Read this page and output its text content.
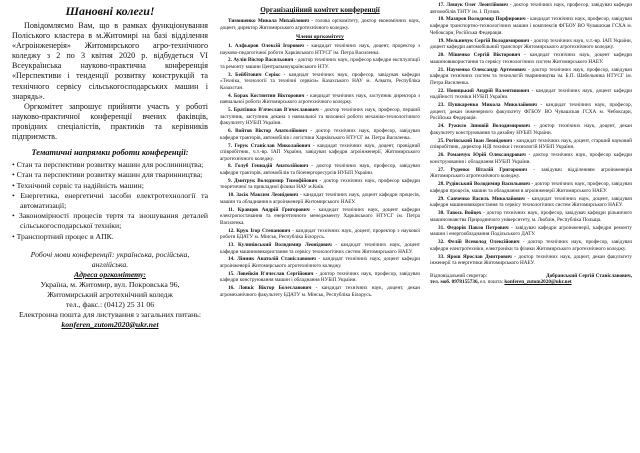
Шановні колеги!

Повідомляємо Вам, що в рамках функціонування Поліського кластера в м.Житомирі на базі відділення «Агроінженерія» Житомирського агро-технічного коледжу з 2 по 3 квітня 2020 р. відбудеться VI Всеукраїнська науково-практична конференція «Перспективи і тенденції розвитку конструкцій та технічного сервісу сільськогосподарських машин і знарядь».

Оргкомітет запрошує прийняти участь у роботі науково-практичної конференції вчених факівців, провідних спеціалістів, практиків та керівників підприємств.

Тематичні напрямки роботи конференції:

• Стан та перспективи розвитку машин для рослинництва;

• Стан та перспективи розвитку машин для тваринництва;

• Технічний сервіс та надійність машин;

• Енергетика, енергетичні засоби електротехнології та автоматизації;

• Закономірності процесів тертя та зношування деталей сільськогосподарської техніки;

• Транспортний процес в АПК.

Робочі мови конференції: українська, російська, англійська.

Адреса оргкомітету:

Україна, м. Житомир, вул. Покровська 96,

Житомирський агротехнічний коледж

тел., факс.: (0412) 25 31 06

Електронна пошта для листування з загальних питань:

konferen_zutom2020@ukr.net

Організаційний комітет конференції

Тимошенко Микола Михайлович - голова оргкомітету, доктор економічних наук, доцент, директор Житомирського агротехнічного коледжу.

Члени оргкомітету

1. Алфьоров Олексій Ігорович - кандидат технічних наук, доцент, проректор з науково-педагогічної роботи Харківського НТУСГ ім. Петра Василенка.

2. Аулін Віктор Васильович - доктор технічних наук, професор кафедри експлуатації та ремонту машин Центральноукраїнського НТУ.

3. Бейбітович Серікс - кандидат технічних наук, професор, завідувач кафедри «Техніка, технології та технічні сервіси» Казахського НАУ м. Алмати, Республіка Казахстан.

4. Борак Костянтин Вікторович - кандидат технічних наук, заступник директора з навчальної роботи Житомирського агротехнічного коледжу.

5. Братішко В'ячеслав В'ячеславович - доктор технічних наук, професор, перший заступник, заступник декана з навчальної та виховної роботи механіко-технологічного факультету НУБіП України.

6. Войтов Віктор Анатолійович - доктор технічних наук, професор, завідувач кафедри тракторів, автомобілів і логістики Харківського НТУСГ ім. Петра Василенка.

7. Герук Станіслав Миколайович - кандидат технічних наук, доцент, провідний співробітник, ч.т.-вр. ІАП України, завідувач кафедри агроінженерії, Житомирського агротехнічного коледжу.

8. Голуб Геннадій Анатолійович - доктор технічних наук, професор, завідувач кафедри тракторів, автомобілів та біоенергоресурсів НУБіП України.

9. Дмитрук Володимир Тимофійович - доктор технічних наук, професор кафедри теоретичної та прикладної фізики НАУ м.Київ.

10. Засік Максим Леонідович - кандидат технічних наук, доцент кафедри процесів, машин та обладнання в агроінженерії Житомирського НАЕУ.

11. Кравцов Андрій Григорович - кандидат технічних наук, доцент кафедри електропостачання та енергетичного менеджменту Харківського НТУСГ ім. Петра Василенка.

12. Крук Ігор Степанович - кандидат технічних наук, доцент, проректор з наукової роботи БДАТУ м. Мінськ, Республіка Білорусь.

13. Кулинівський Володимир Леонідович - кандидат технічних наук, доцент кафедри машиновикористання та сервісу технологічних систем Житомирського НАЕУ.

14. Лінник Анатолій Станіславович - кандидат технічних наук, доцент кафедри агроінженерії Житомирського агротехнічного коледжу.

15. Ловейкін В'ячеслав Сергійович - доктор технічних наук, професор, завідувач кафедри конструювання машин і обладнання НУБіП України.

16. Ловкіс Віктор Болеславович - кандидат технічних наук, доцент, декан агромеханічного факультету БДАТУ м. Мінськ, Республіка Білорусь.

17. Ляшук Олег Леонтійович - доктор технічних наук, професор, завідувач кафедри автомобілів ТНТУ ім. І. Пулюя.

18. Мазяров Володимир Порфирович - кандидат технічних наук, професор, завідувач кафедри транспортно-технологічних машин і комплексів ФГБОУ ВО Чувашская ГСХА м. Чебоксари, Російська Федерація.

19. Мельничук Сергій Володимирович - доктор технічних наук, ч.т.-вр. ІАП України, доцент кафедри автомобільний транспорт Житомирського агротехнічного коледжу.

20. Мішенко Сергій Вікторович - кандидат технічних наук, доцент кафедри машиновикористання та сервісу технологічних систем Житомирського НАЕУ.

21. Науменко Олександр Артемович - доктор технічних наук, професор, завідувач кафедри технічних систем та технологій тваринництва ім. Б.П. Шабельника НТУСГ ім. Петра Василенка.

22. Новицький Андрій Валентинович - кандидат технічних наук, доцент кафедри надійності техніки НУБіП України.

23. Пушкаренко Микола Миколайович - кандидат технічних наук, професор, доцент, декан інженерного факультету ФГБОУ ВО Чувашская ГСХА м. Чебоксари, Російська Федерація.

24. Ружило Зиновій Володимирович - доктор технічних наук, доцент, декан факультету конструювання та дизайну НУБіП України.

25. Рогівський Іван Леонідович - кандидат технічних наук, доцент, старший науковий співробітник, директор НДІ техніки і технологій НУБіП України.

26. Романчук Юрій Олександрович - доктор технічних наук, професор кафедри конструювання і обладнання НУБіП України.

27. Руденко Віталій Григорович - завідувач відділенням агроінженерія Житомирського агротехнічного коледжу.

28. Рудівський Володимир Васильович - доктор технічних наук, професор, завідувач кафедри процесів, машин та обладнання в агроінженерії Житомирського НАЕУ.

29. Савченко Василь Миколайович - кандидат технічних наук, доцент, завідувач кафедри машиновикористання та сервісу технологічних систем Житомирського НАЕУ.

30. Тавось Войцех - доктор технічних наук, професор, завідувач кафедри рільничого машинознавства Природничого університету, м. Люблін, Республіка Польща.

31. Федорів Павло Петрович - завідувач кафедри агроінженерії, кафедри ремонту машин і енергообладнання Подільського ДАТУ.

32. Фелій Всеволод Олексійович - доктор технічних наук, професор, завідувач кафедри електротехніки, електроніки та фізики Житомирського агротехнічного коледжу.

33. Ярош Ярослав Дмитрович - доктор технічних наук, доцент, декан факультету інженерії та енергетики Житомирського НАЕУ.

Відповідальний секретар:	Добранський Сергій Станіславович,

тел. моб. 0978155736, ел. пошта: konferen_zutom2020@ukr.net
